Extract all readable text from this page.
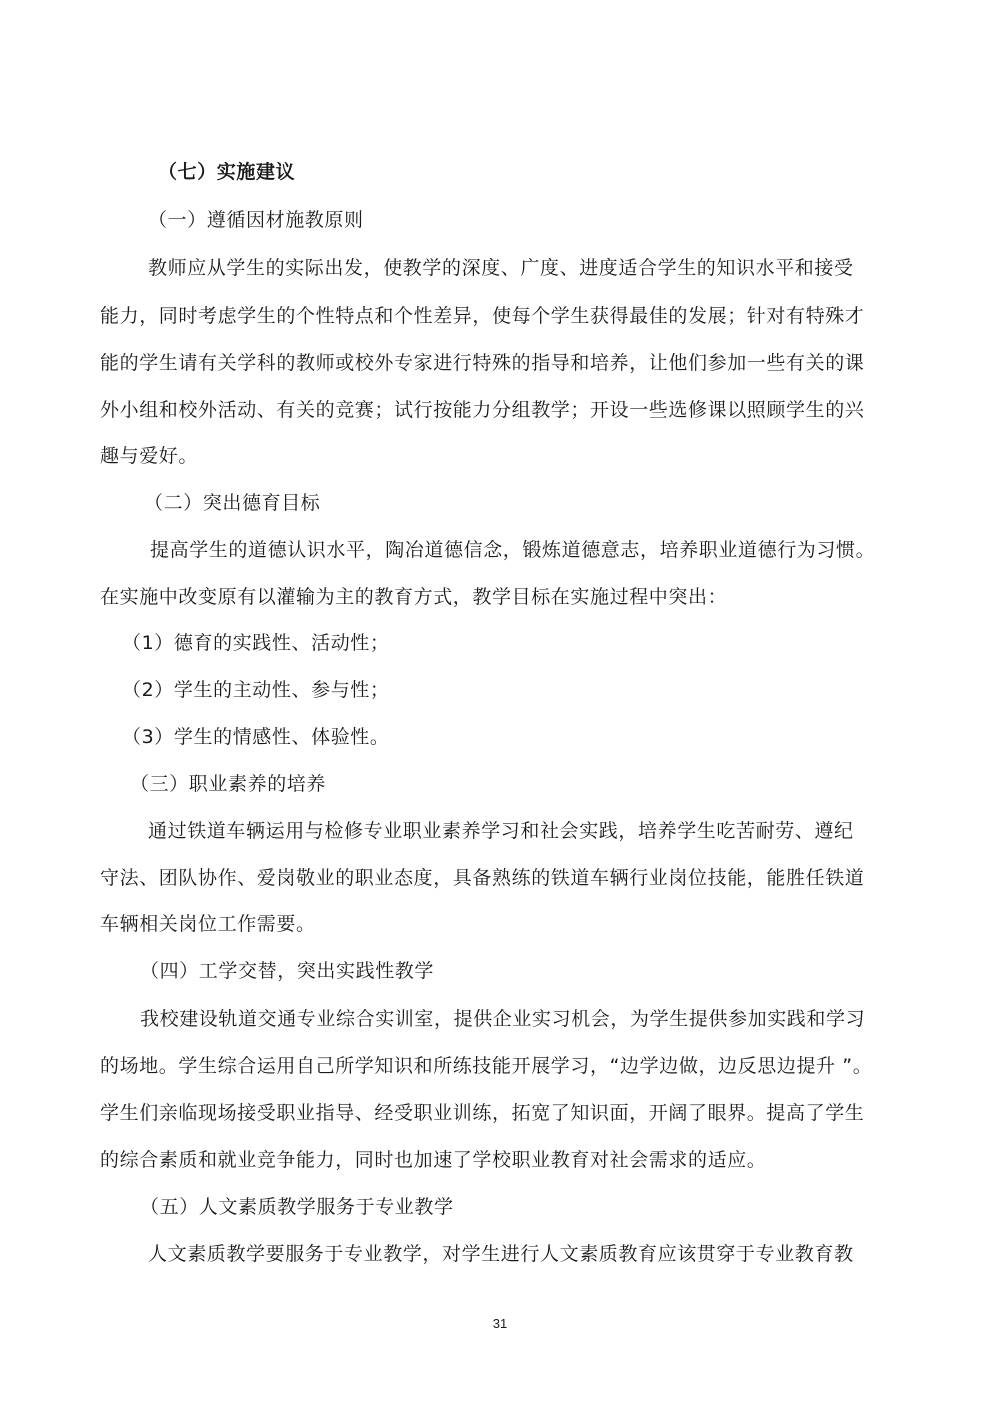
（七）实施建议
（一）遵循因材施教原则
教师应从学生的实际出发，使教学的深度、广度、进度适合学生的知识水平和接受
能力，同时考虑学生的个性特点和个性差异，使每个学生获得最佳的发展；针对有特殊才
能的学生请有关学科的教师或校外专家进行特殊的指导和培养，让他们参加一些有关的课
外小组和校外活动、有关的竞赛；试行按能力分组教学；开设一些选修课以照顾学生的兴
趣与爱好。
（二）突出德育目标
提高学生的道德认识水平，陶冶道德信念，锻炼道德意志，培养职业道德行为习惯。
在实施中改变原有以灌输为主的教育方式，教学目标在实施过程中突出：
（1）德育的实践性、活动性；
（2）学生的主动性、参与性；
（3）学生的情感性、体验性。
（三）职业素养的培养
通过铁道车辆运用与检修专业职业素养学习和社会实践，培养学生吃苦耐劳、遵纪
守法、团队协作、爱岗敬业的职业态度，具备熟练的铁道车辆行业岗位技能，能胜任铁道
车辆相关岗位工作需要。
（四）工学交替，突出实践性教学
我校建设轨道交通专业综合实训室，提供企业实习机会，为学生提供参加实践和学习
的场地。学生综合运用自己所学知识和所练技能开展学习，“边学边做，边反思边提升 ”。
学生们亲临现场接受职业指导、经受职业训练，拓宽了知识面，开阔了眼界。提高了学生
的综合素质和就业竞争能力，同时也加速了学校职业教育对社会需求的适应。
（五）人文素质教学服务于专业教学
人文素质教学要服务于专业教学，对学生进行人文素质教育应该贯穿于专业教育教
31
